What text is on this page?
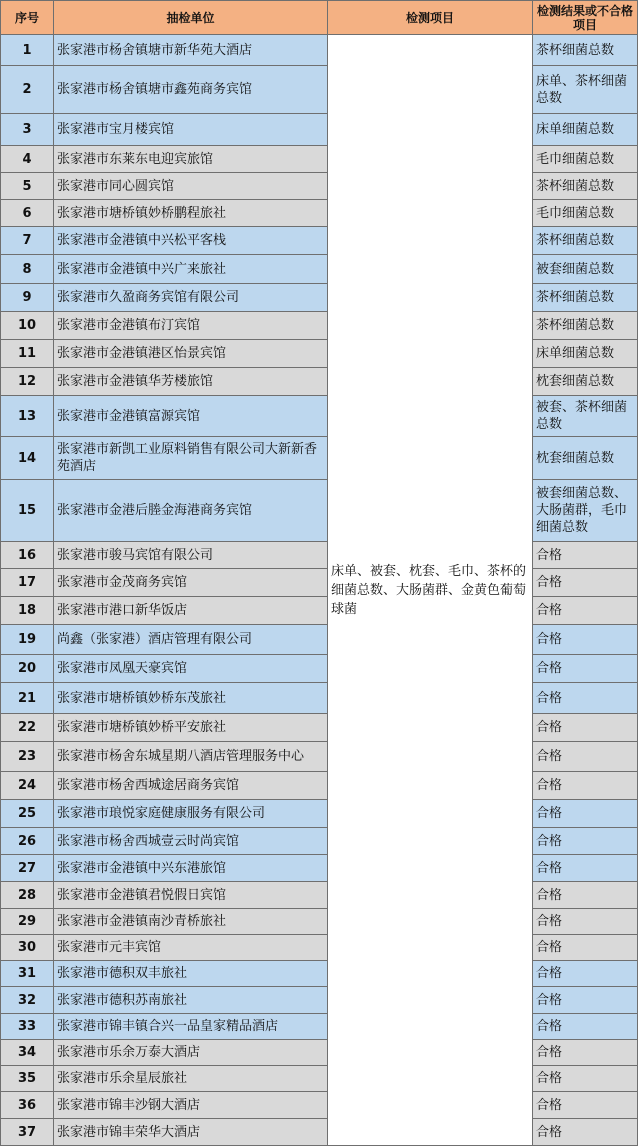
序号	抽检单位	检测项目	检测结果或不合格项目
1	张家港市杨舍镇塘市新华苑大酒店	床单、被套、枕套、毛巾、茶杯的细菌总数、大肠菌群、金黄色葡萄球菌	茶杯细菌总数
2	张家港市杨舍镇塘市鑫苑商务宾馆		床单、茶杯细菌总数
3	张家港市宝月楼宾馆		床单细菌总数
4	张家港市东莱东电迎宾旅馆		毛巾细菌总数
5	张家港市同心圆宾馆		茶杯细菌总数
6	张家港市塘桥镇妙桥鹏程旅社		毛巾细菌总数
7	张家港市金港镇中兴松平客栈		茶杯细菌总数
8	张家港市金港镇中兴广来旅社		被套细菌总数
9	张家港市久盈商务宾馆有限公司		茶杯细菌总数
10	张家港市金港镇布汀宾馆		茶杯细菌总数
11	张家港市金港镇港区怡景宾馆		床单细菌总数
12	张家港市金港镇华芳楼旅馆		枕套细菌总数
13	张家港市金港镇富源宾馆		被套、茶杯细菌总数
14	张家港市新凯工业原料销售有限公司大新新香苑酒店		枕套细菌总数
15	张家港市金港后塍金海港商务宾馆		被套细菌总数、大肠菌群，毛巾细菌总数
16	张家港市骏马宾馆有限公司		合格
17	张家港市金茂商务宾馆		合格
18	张家港市港口新华饭店		合格
19	尚鑫（张家港）酒店管理有限公司		合格
20	张家港市凤凰天豪宾馆		合格
21	张家港市塘桥镇妙桥东茂旅社		合格
22	张家港市塘桥镇妙桥平安旅社		合格
23	张家港市杨舍东城星期八酒店管理服务中心		合格
24	张家港市杨舍西城途居商务宾馆		合格
25	张家港市琅悦家庭健康服务有限公司		合格
26	张家港市杨舍西城壹云时尚宾馆		合格
27	张家港市金港镇中兴东港旅馆		合格
28	张家港市金港镇君悦假日宾馆		合格
29	张家港市金港镇南沙青桥旅社		合格
30	张家港市元丰宾馆		合格
31	张家港市德积双丰旅社		合格
32	张家港市德积苏南旅社		合格
33	张家港市锦丰镇合兴一品皇家精品酒店		合格
34	张家港市乐余万泰大酒店		合格
35	张家港市乐余星辰旅社		合格
36	张家港市锦丰沙钢大酒店		合格
37	张家港市锦丰荣华大酒店		合格
